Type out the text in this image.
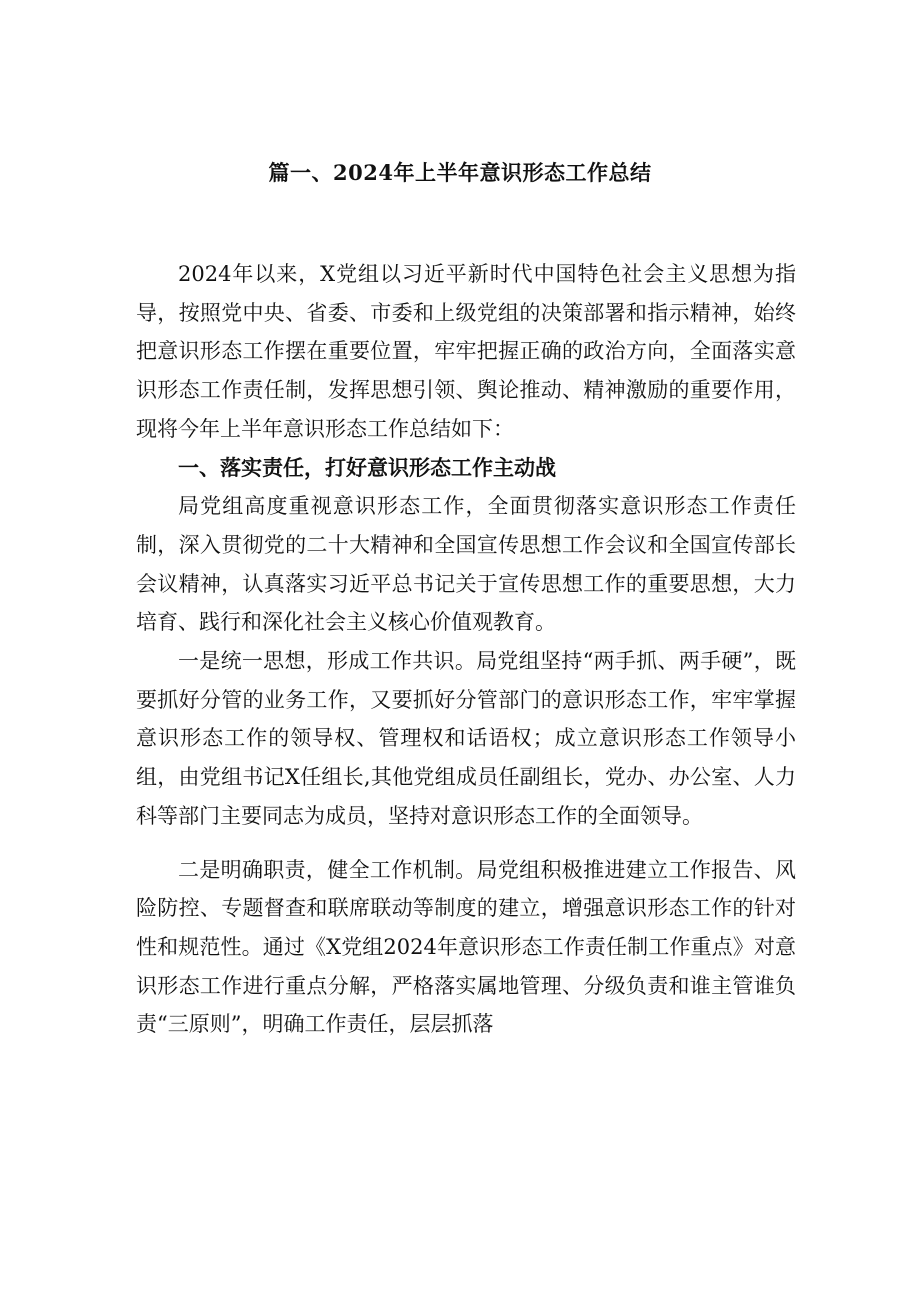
篇一、2024年上半年意识形态工作总结

2024年以来，X党组以习近平新时代中国特色社会主义思想为指导，按照党中央、省委、市委和上级党组的决策部署和指示精神，始终把意识形态工作摆在重要位置，牢牢把握正确的政治方向，全面落实意识形态工作责任制，发挥思想引领、舆论推动、精神激励的重要作用，现将今年上半年意识形态工作总结如下：

一、落实责任，打好意识形态工作主动战

局党组高度重视意识形态工作，全面贯彻落实意识形态工作责任制，深入贯彻党的二十大精神和全国宣传思想工作会议和全国宣传部长会议精神，认真落实习近平总书记关于宣传思想工作的重要思想，大力培育、践行和深化社会主义核心价值观教育。

一是统一思想，形成工作共识。局党组坚持“两手抓、两手硬”，既要抓好分管的业务工作，又要抓好分管部门的意识形态工作，牢牢掌握意识形态工作的领导权、管理权和话语权；成立意识形态工作领导小组，由党组书记X任组长,其他党组成员任副组长，党办、办公室、人力科等部门主要同志为成员，坚持对意识形态工作的全面领导。

二是明确职责，健全工作机制。局党组积极推进建立工作报告、风险防控、专题督查和联席联动等制度的建立，增强意识形态工作的针对性和规范性。通过《X党组2024年意识形态工作责任制工作重点》对意识形态工作进行重点分解，严格落实属地管理、分级负责和谁主管谁负责“三原则”，明确工作责任，层层抓落
